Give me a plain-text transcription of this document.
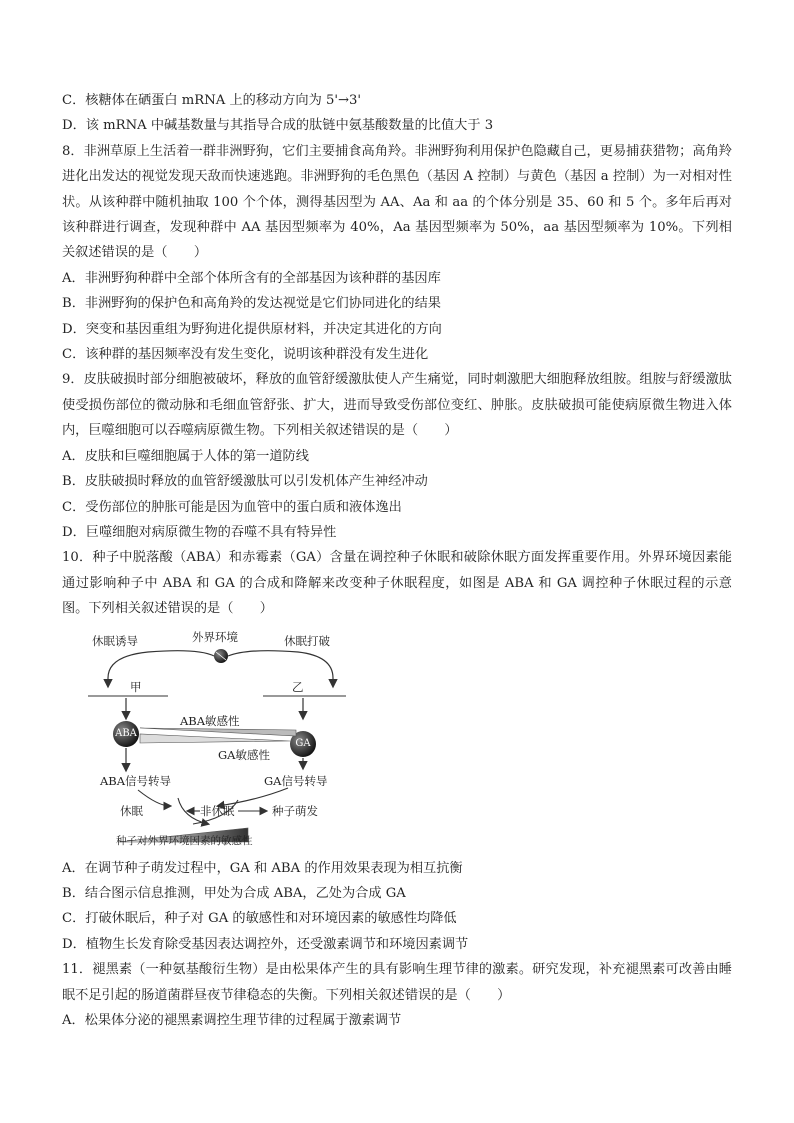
C．核糖体在硒蛋白 mRNA 上的移动方向为 5'→3'

D．该 mRNA 中碱基数量与其指导合成的肽链中氨基酸数量的比值大于 3

8．非洲草原上生活着一群非洲野狗，它们主要捕食高角羚。非洲野狗利用保护色隐藏自己，更易捕获猎物；高角羚进化出发达的视觉发现天敌而快速逃跑。非洲野狗的毛色黑色（基因 A 控制）与黄色（基因 a 控制）为一对相对性状。从该种群中随机抽取 100 个个体，测得基因型为 AA、Aa 和 aa 的个体分别是 35、60 和 5 个。多年后再对该种群进行调查，发现种群中 AA 基因型频率为 40%，Aa 基因型频率为 50%，aa 基因型频率为 10%。下列相关叙述错误的是（　　）

A．非洲野狗种群中全部个体所含有的全部基因为该种群的基因库

B．非洲野狗的保护色和高角羚的发达视觉是它们协同进化的结果

D．突变和基因重组为野狗进化提供原材料，并决定其进化的方向

C．该种群的基因频率没有发生变化，说明该种群没有发生进化

9．皮肤破损时部分细胞被破坏，释放的血管舒缓激肽使人产生痛觉，同时刺激肥大细胞释放组胺。组胺与舒缓激肽使受损伤部位的微动脉和毛细血管舒张、扩大，进而导致受伤部位变红、肿胀。皮肤破损可能使病原微生物进入体内，巨噬细胞可以吞噬病原微生物。下列相关叙述错误的是（　　）

A．皮肤和巨噬细胞属于人体的第一道防线

B．皮肤破损时释放的血管舒缓激肽可以引发机体产生神经冲动

C．受伤部位的肿胀可能是因为血管中的蛋白质和液体逸出

D．巨噬细胞对病原微生物的吞噬不具有特异性

10．种子中脱落酸（ABA）和赤霉素（GA）含量在调控种子休眠和破除休眠方面发挥重要作用。外界环境因素能通过影响种子中 ABA 和 GA 的合成和降解来改变种子休眠程度，如图是 ABA 和 GA 调控种子休眠过程的示意图。下列相关叙述错误的是（　　）

休眠诱导	外界环境	休眠打破
甲	乙
ABA
GA
ABA敏感性
GA敏感性
ABA信号转导	GA信号转导
休眠	非休眠	种子萌发
种子对外界环境因素的敏感性

A．在调节种子萌发过程中，GA 和 ABA 的作用效果表现为相互抗衡

B．结合图示信息推测，甲处为合成 ABA，乙处为合成 GA

C．打破休眠后，种子对 GA 的敏感性和对环境因素的敏感性均降低

D．植物生长发育除受基因表达调控外，还受激素调节和环境因素调节

11．褪黑素（一种氨基酸衍生物）是由松果体产生的具有影响生理节律的激素。研究发现，补充褪黑素可改善由睡眠不足引起的肠道菌群昼夜节律稳态的失衡。下列相关叙述错误的是（　　）

A．松果体分泌的褪黑素调控生理节律的过程属于激素调节
